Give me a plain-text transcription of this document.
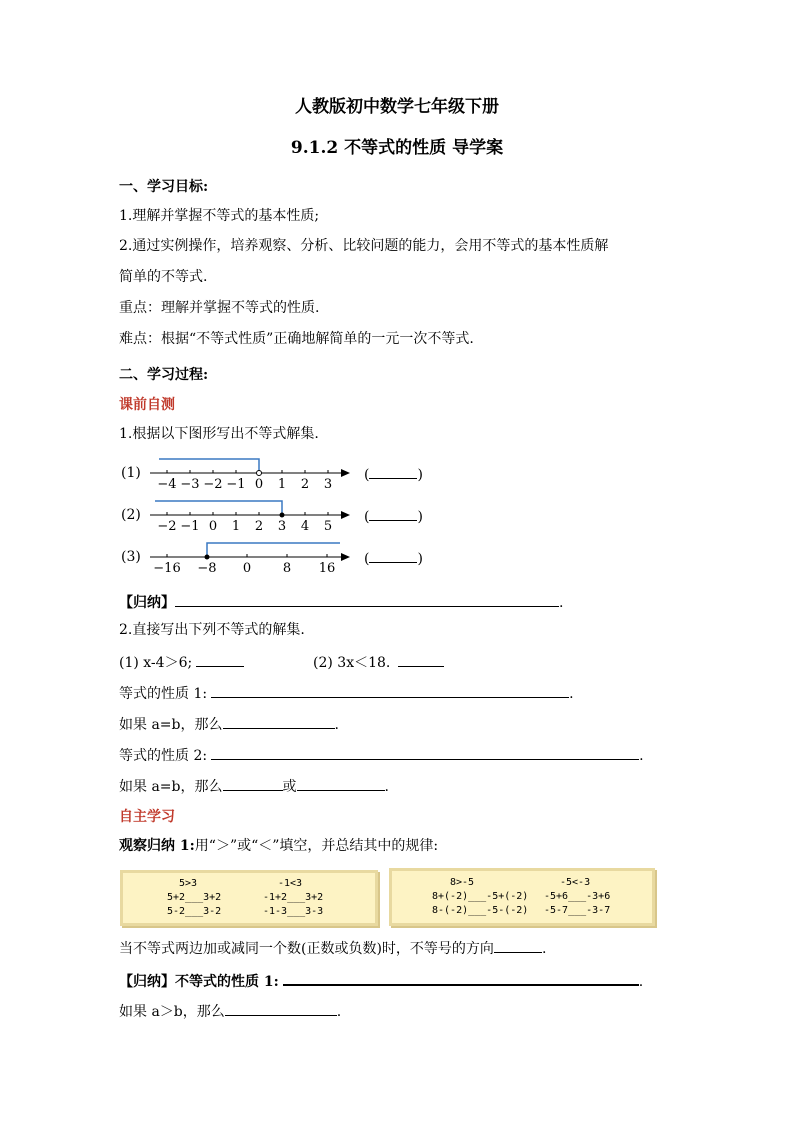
人教版初中数学七年级下册
9.1.2 不等式的性质 导学案
一、学习目标:
1.理解并掌握不等式的基本性质;
2.通过实例操作，培养观察、分析、比较问题的能力，会用不等式的基本性质解
简单的不等式.
重点：理解并掌握不等式的性质.
难点：根据“不等式性质”正确地解简单的一元一次不等式.
二、学习过程:
课前自测
1.根据以下图形写出不等式解集.
(1)
−4 −3 −2 −1 0 1 2 3
(	)
(2)
−2 −1 0 1 2 3 4 5
(	)
(3)
−16 −8 0 8 16
(	)
【归纳】	.
2.直接写出下列不等式的解集.
(1) x-4＞6;	(2) 3x＜18.
等式的性质 1:	.
如果 a=b，那么	.
等式的性质 2:	.
如果 a=b，那么	或	.
自主学习
观察归纳 1:用“＞”或“＜”填空，并总结其中的规律:
5>3
5+2___3+2
5-2___3-2
-1<3
-1+2___3+2
-1-3___3-3
8>-5
8+(-2)___-5+(-2)
8-(-2)___-5-(-2)
-5<-3
-5+6___-3+6
-5-7___-3-7
当不等式两边加或减同一个数(正数或负数)时，不等号的方向	.
【归纳】不等式的性质 1:	.
如果 a＞b，那么	.
